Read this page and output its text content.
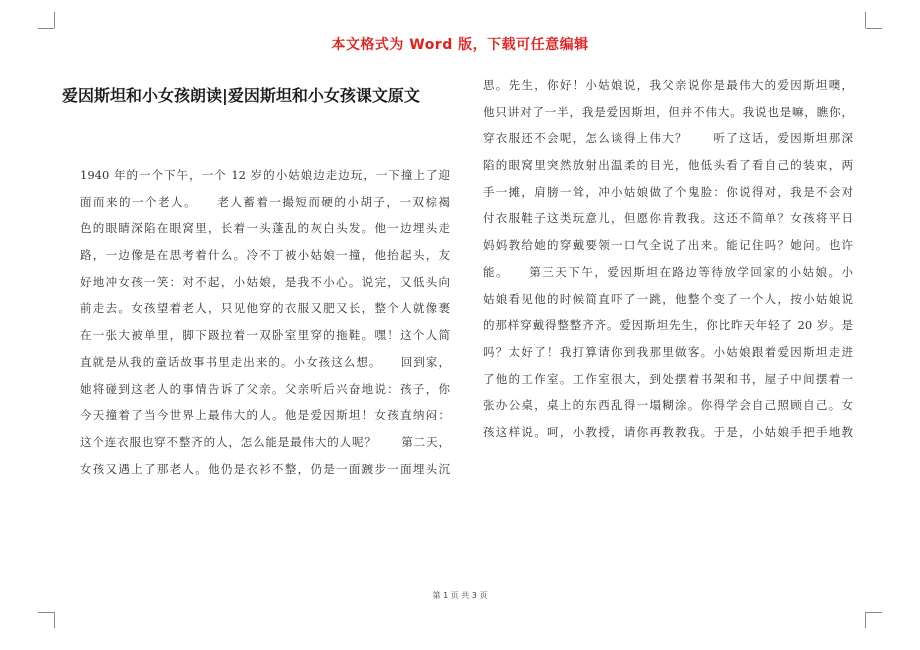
本文格式为 Word 版，下载可任意编辑
爱因斯坦和小女孩朗读|爱因斯坦和小女孩课文原文
1940 年的一个下午，一个 12 岁的小姑娘边走边玩，一下撞上了迎
面而来的一个老人。　　老人蓄着一撮短而硬的小胡子，一双棕褐
色的眼睛深陷在眼窝里，长着一头蓬乱的灰白头发。他一边埋头走
路，一边像是在思考着什么。冷不丁被小姑娘一撞，他抬起头，友
好地冲女孩一笑：对不起，小姑娘，是我不小心。说完，又低头向
前走去。女孩望着老人，只见他穿的衣服又肥又长，整个人就像裹
在一张大被单里，脚下趿拉着一双卧室里穿的拖鞋。嘿！这个人简
直就是从我的童话故事书里走出来的。小女孩这么想。　　回到家，
她将碰到这老人的事情告诉了父亲。父亲听后兴奋地说：孩子，你
今天撞着了当今世界上最伟大的人。他是爱因斯坦！女孩直纳闷：
这个连衣服也穿不整齐的人，怎么能是最伟大的人呢？　　第二天，
女孩又遇上了那老人。他仍是衣衫不整，仍是一面踱步一面埋头沉
思。先生，你好！小姑娘说，我父亲说你是最伟大的爱因斯坦噢，
他只讲对了一半，我是爱因斯坦，但并不伟大。我说也是嘛，瞧你，
穿衣服还不会呢，怎么谈得上伟大？　　听了这话，爱因斯坦那深
陷的眼窝里突然放射出温柔的目光，他低头看了看自己的装束，两
手一摊，肩膀一耸，冲小姑娘做了个鬼脸：你说得对，我是不会对
付衣服鞋子这类玩意儿，但愿你肯教我。这还不简单？女孩将平日
妈妈教给她的穿戴要领一口气全说了出来。能记住吗？她问。也许
能。　　第三天下午，爱因斯坦在路边等待放学回家的小姑娘。小
姑娘看见他的时候简直吓了一跳，他整个变了一个人，按小姑娘说
的那样穿戴得整整齐齐。爱因斯坦先生，你比昨天年轻了 20 岁。是
吗？太好了！我打算请你到我那里做客。小姑娘跟着爱因斯坦走进
了他的工作室。工作室很大，到处摆着书架和书，屋子中间摆着一
张办公桌，桌上的东西乱得一塌糊涂。你得学会自己照顾自己。女
孩这样说。呵，小教授，请你再教教我。于是，小姑娘手把手地教
第 1 页 共 3 页
